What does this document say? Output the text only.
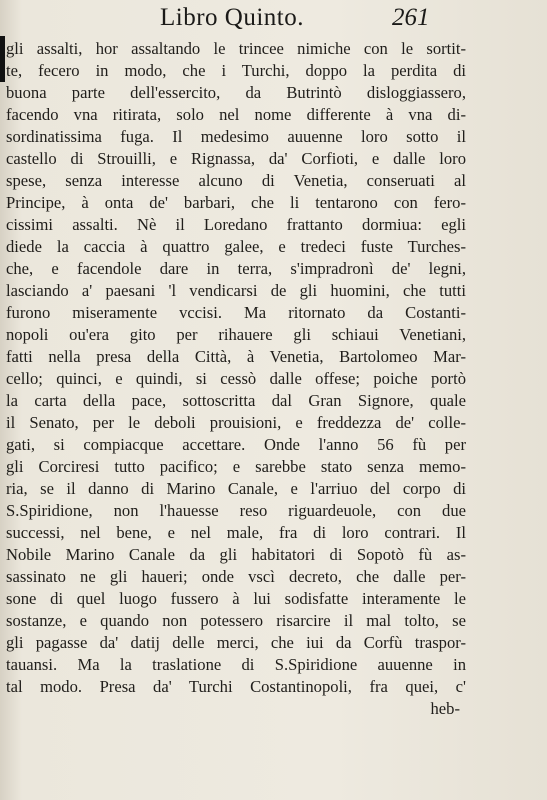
Libro Quinto.	261
gli assalti, hor assaltando le trincee nimiche con le sortit-
te, fecero in modo, che i Turchi, doppo la perdita di
buona parte dell'essercito, da Butrintò disloggiassero,
facendo vna ritirata, solo nel nome differente à vna di-
sordinatissima fuga. Il medesimo auuenne loro sotto il
castello di Strouilli, e Rignassa, da' Corfioti, e dalle loro
spese, senza interesse alcuno di Venetia, conseruati al
Principe, à onta de' barbari, che li tentarono con fero-
cissimi assalti. Nè il Loredano frattanto dormiua: egli
diede la caccia à quattro galee, e tredeci fuste Turches-
che, e facendole dare in terra, s'impradronì de' legni,
lasciando a' paesani 'l vendicarsi de gli huomini, che tutti
furono miseramente vccisi. Ma ritornato da Costanti-
nopoli ou'era gito per rihauere gli schiaui Venetiani,
fatti nella presa della Città, à Venetia, Bartolomeo Mar-
cello; quinci, e quindi, si cessò dalle offese; poiche portò
la carta della pace, sottoscritta dal Gran Signore, quale
il Senato, per le deboli prouisioni, e freddezza de' colle-
gati, si compiacque accettare. Onde l'anno 56 fù per
gli Corciresi tutto pacifico; e sarebbe stato senza memo-
ria, se il danno di Marino Canale, e l'arriuo del corpo di
S.Spiridione, non l'hauesse reso riguardeuole, con due
successi, nel bene, e nel male, fra di loro contrari. Il
Nobile Marino Canale da gli habitatori di Sopotò fù as-
sassinato ne gli haueri; onde vscì decreto, che dalle per-
sone di quel luogo fussero à lui sodisfatte interamente le
sostanze, e quando non potessero risarcire il mal tolto, se
gli pagasse da' datij delle merci, che iui da Corfù traspor-
tauansi. Ma la traslatione di S.Spiridione auuenne in
tal modo. Presa da' Turchi Costantinopoli, fra quei, c'
heb-
